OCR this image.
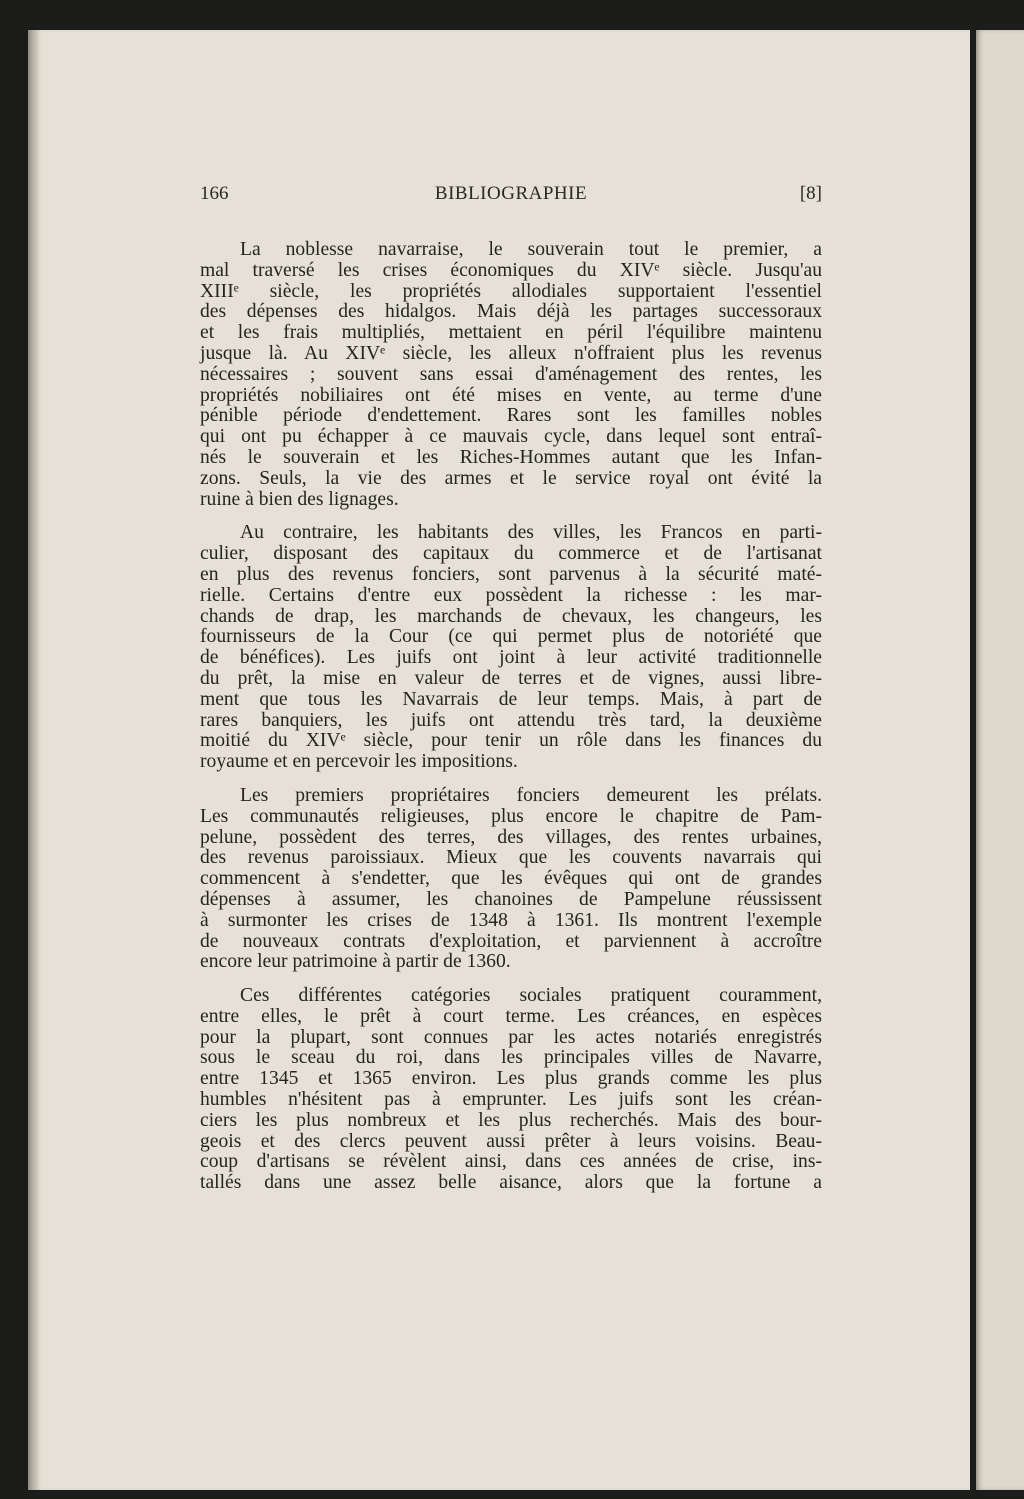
166	BIBLIOGRAPHIE	[8]
La noblesse navarraise, le souverain tout le premier, a
mal traversé les crises économiques du XIVᵉ siècle. Jusqu'au
XIIIᵉ siècle, les propriétés allodiales supportaient l'essentiel
des dépenses des hidalgos. Mais déjà les partages successoraux
et les frais multipliés, mettaient en péril l'équilibre maintenu
jusque là. Au XIVᵉ siècle, les alleux n'offraient plus les revenus
nécessaires ; souvent sans essai d'aménagement des rentes, les
propriétés nobiliaires ont été mises en vente, au terme d'une
pénible période d'endettement. Rares sont les familles nobles
qui ont pu échapper à ce mauvais cycle, dans lequel sont entraî-
nés le souverain et les Riches-Hommes autant que les Infan-
zons. Seuls, la vie des armes et le service royal ont évité la
ruine à bien des lignages.
Au contraire, les habitants des villes, les Francos en parti-
culier, disposant des capitaux du commerce et de l'artisanat
en plus des revenus fonciers, sont parvenus à la sécurité maté-
rielle. Certains d'entre eux possèdent la richesse : les mar-
chands de drap, les marchands de chevaux, les changeurs, les
fournisseurs de la Cour (ce qui permet plus de notoriété que
de bénéfices). Les juifs ont joint à leur activité traditionnelle
du prêt, la mise en valeur de terres et de vignes, aussi libre-
ment que tous les Navarrais de leur temps. Mais, à part de
rares banquiers, les juifs ont attendu très tard, la deuxième
moitié du XIVᵉ siècle, pour tenir un rôle dans les finances du
royaume et en percevoir les impositions.
Les premiers propriétaires fonciers demeurent les prélats.
Les communautés religieuses, plus encore le chapitre de Pam-
pelune, possèdent des terres, des villages, des rentes urbaines,
des revenus paroissiaux. Mieux que les couvents navarrais qui
commencent à s'endetter, que les évêques qui ont de grandes
dépenses à assumer, les chanoines de Pampelune réussissent
à surmonter les crises de 1348 à 1361. Ils montrent l'exemple
de nouveaux contrats d'exploitation, et parviennent à accroître
encore leur patrimoine à partir de 1360.
Ces différentes catégories sociales pratiquent couramment,
entre elles, le prêt à court terme. Les créances, en espèces
pour la plupart, sont connues par les actes notariés enregistrés
sous le sceau du roi, dans les principales villes de Navarre,
entre 1345 et 1365 environ. Les plus grands comme les plus
humbles n'hésitent pas à emprunter. Les juifs sont les créan-
ciers les plus nombreux et les plus recherchés. Mais des bour-
geois et des clercs peuvent aussi prêter à leurs voisins. Beau-
coup d'artisans se révèlent ainsi, dans ces années de crise, ins-
tallés dans une assez belle aisance, alors que la fortune a
